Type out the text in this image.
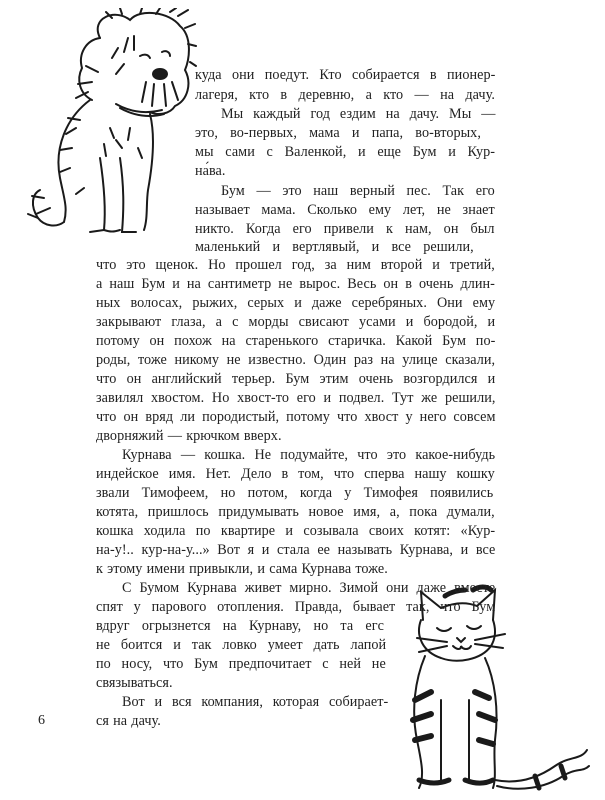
куда они поедут. Кто собирается в пионер-
лагеря, кто в деревню, а кто — на дачу.
Мы каждый год ездим на дачу. Мы —
это, во-первых, мама и папа, во-вторых,
мы сами с Валенкой, и еще Бум и Кур-
на́ва.
Бум — это наш верный пес. Так его
называет мама. Сколько ему лет, не знает
никто. Когда его привели к нам, он был
маленький и вертлявый, и все решили,
что это щенок. Но прошел год, за ним второй и третий,
а наш Бум и на сантиметр не вырос. Весь он в очень длин-
ных волосах, рыжих, серых и даже серебряных. Они ему
закрывают глаза, а с морды свисают усами и бородой, и
потому он похож на старенького старичка. Какой Бум по-
роды, тоже никому не известно. Один раз на улице сказали,
что он английский терьер. Бум этим очень возгордился и
завилял хвостом. Но хвост-то его и подвел. Тут же решили,
что он вряд ли породистый, потому что хвост у него совсем
дворняжий — крючком вверх.
Курнава — кошка. Не подумайте, что это какое-нибудь
индейское имя. Нет. Дело в том, что сперва нашу кошку
звали Тимофеем, но потом, когда у Тимофея появились
котята, пришлось придумывать новое имя, а, пока думали,
кошка ходила по квартире и созывала своих котят: «Кур-
на-у!.. кур-на-у...» Вот я и стала ее называть Курнава, и все
к этому имени привыкли, и сама Курнава тоже.
С Бумом Курнава живет мирно. Зимой они даже вместе
спят у парового отопления. Правда, бывает так, что Бум
вдруг огрызнется на Курнаву, но та егс
не боится и так ловко умеет дать лапой
по носу, что Бум предпочитает с ней не
связываться.
Вот и вся компания, которая собирает-
ся на дачу.
6
